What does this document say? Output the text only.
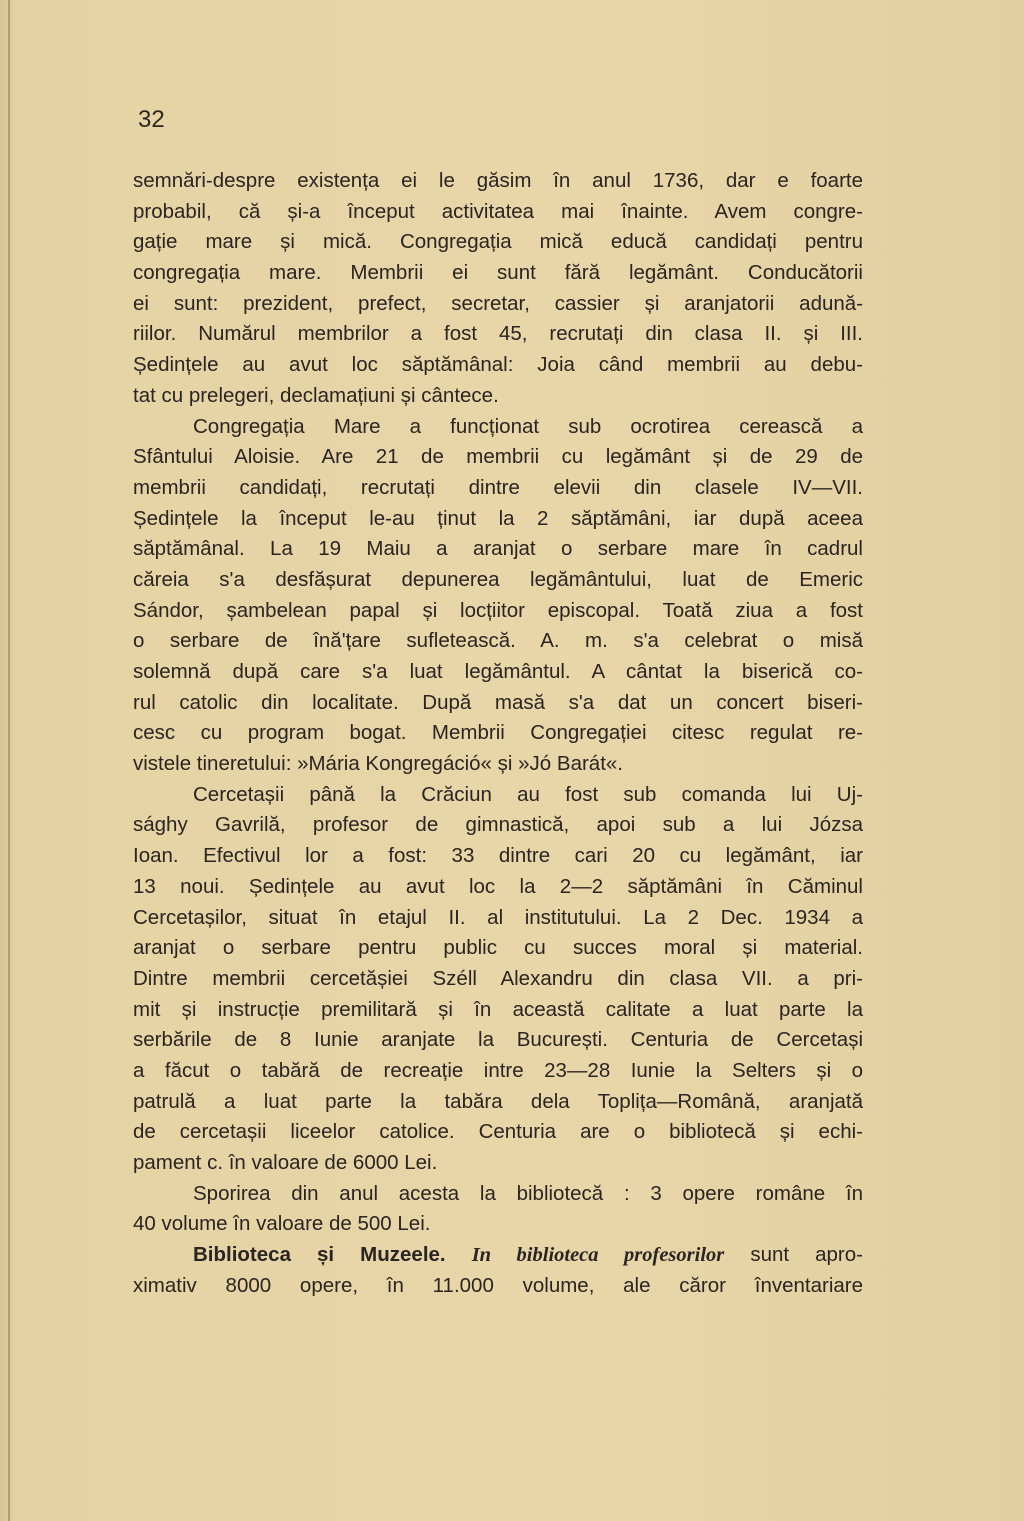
32
semnări-despre existența ei le găsim în anul 1736, dar e foarte
probabil, că și-a început activitatea mai înainte. Avem congre-
gație mare și mică. Congregația mică educă candidați pentru
congregația mare. Membrii ei sunt fără legământ. Conducătorii
ei sunt: prezident, prefect, secretar, cassier și aranjatorii adună-
riilor. Numărul membrilor a fost 45, recrutați din clasa II. și III.
Ședințele au avut loc săptămânal: Joia când membrii au debu-
tat cu prelegeri, declamațiuni și cântece.
Congregația Mare a funcționat sub ocrotirea cerească a
Sfântului Aloisie. Are 21 de membrii cu legământ și de 29 de
membrii candidați, recrutați dintre elevii din clasele IV—VII.
Ședințele la început le-au ținut la 2 săptămâni, iar după aceea
săptămânal. La 19 Maiu a aranjat o serbare mare în cadrul
căreia s'a desfășurat depunerea legământului, luat de Emeric
Sándor, șambelean papal și locțiitor episcopal. Toată ziua a fost
o serbare de înă'țare sufletească. A. m. s'a celebrat o misă
solemnă după care s'a luat legământul. A cântat la biserică co-
rul catolic din localitate. După masă s'a dat un concert biseri-
cesc cu program bogat. Membrii Congregației citesc regulat re-
vistele tineretului: »Mária Kongregáció« și »Jó Barát«.
Cercetașii până la Crăciun au fost sub comanda lui Uj-
sághy Gavrilă, profesor de gimnastică, apoi sub a lui Józsa
Ioan. Efectivul lor a fost: 33 dintre cari 20 cu legământ, iar
13 noui. Ședințele au avut loc la 2—2 săptămâni în Căminul
Cercetașilor, situat în etajul II. al institutului. La 2 Dec. 1934 a
aranjat o serbare pentru public cu succes moral și material.
Dintre membrii cercetășiei Széll Alexandru din clasa VII. a pri-
mit și instrucție premilitară și în această calitate a luat parte la
serbările de 8 Iunie aranjate la București. Centuria de Cercetași
a făcut o tabără de recreație intre 23—28 Iunie la Selters și o
patrulă a luat parte la tabăra dela Toplița—Română, aranjată
de cercetașii liceelor catolice. Centuria are o bibliotecă și echi-
pament c. în valoare de 6000 Lei.
Sporirea din anul acesta la bibliotecă : 3 opere române în
40 volume în valoare de 500 Lei.
Biblioteca și Muzeele. In biblioteca profesorilor sunt apro-
ximativ 8000 opere, în 11.000 volume, ale căror înventariare
